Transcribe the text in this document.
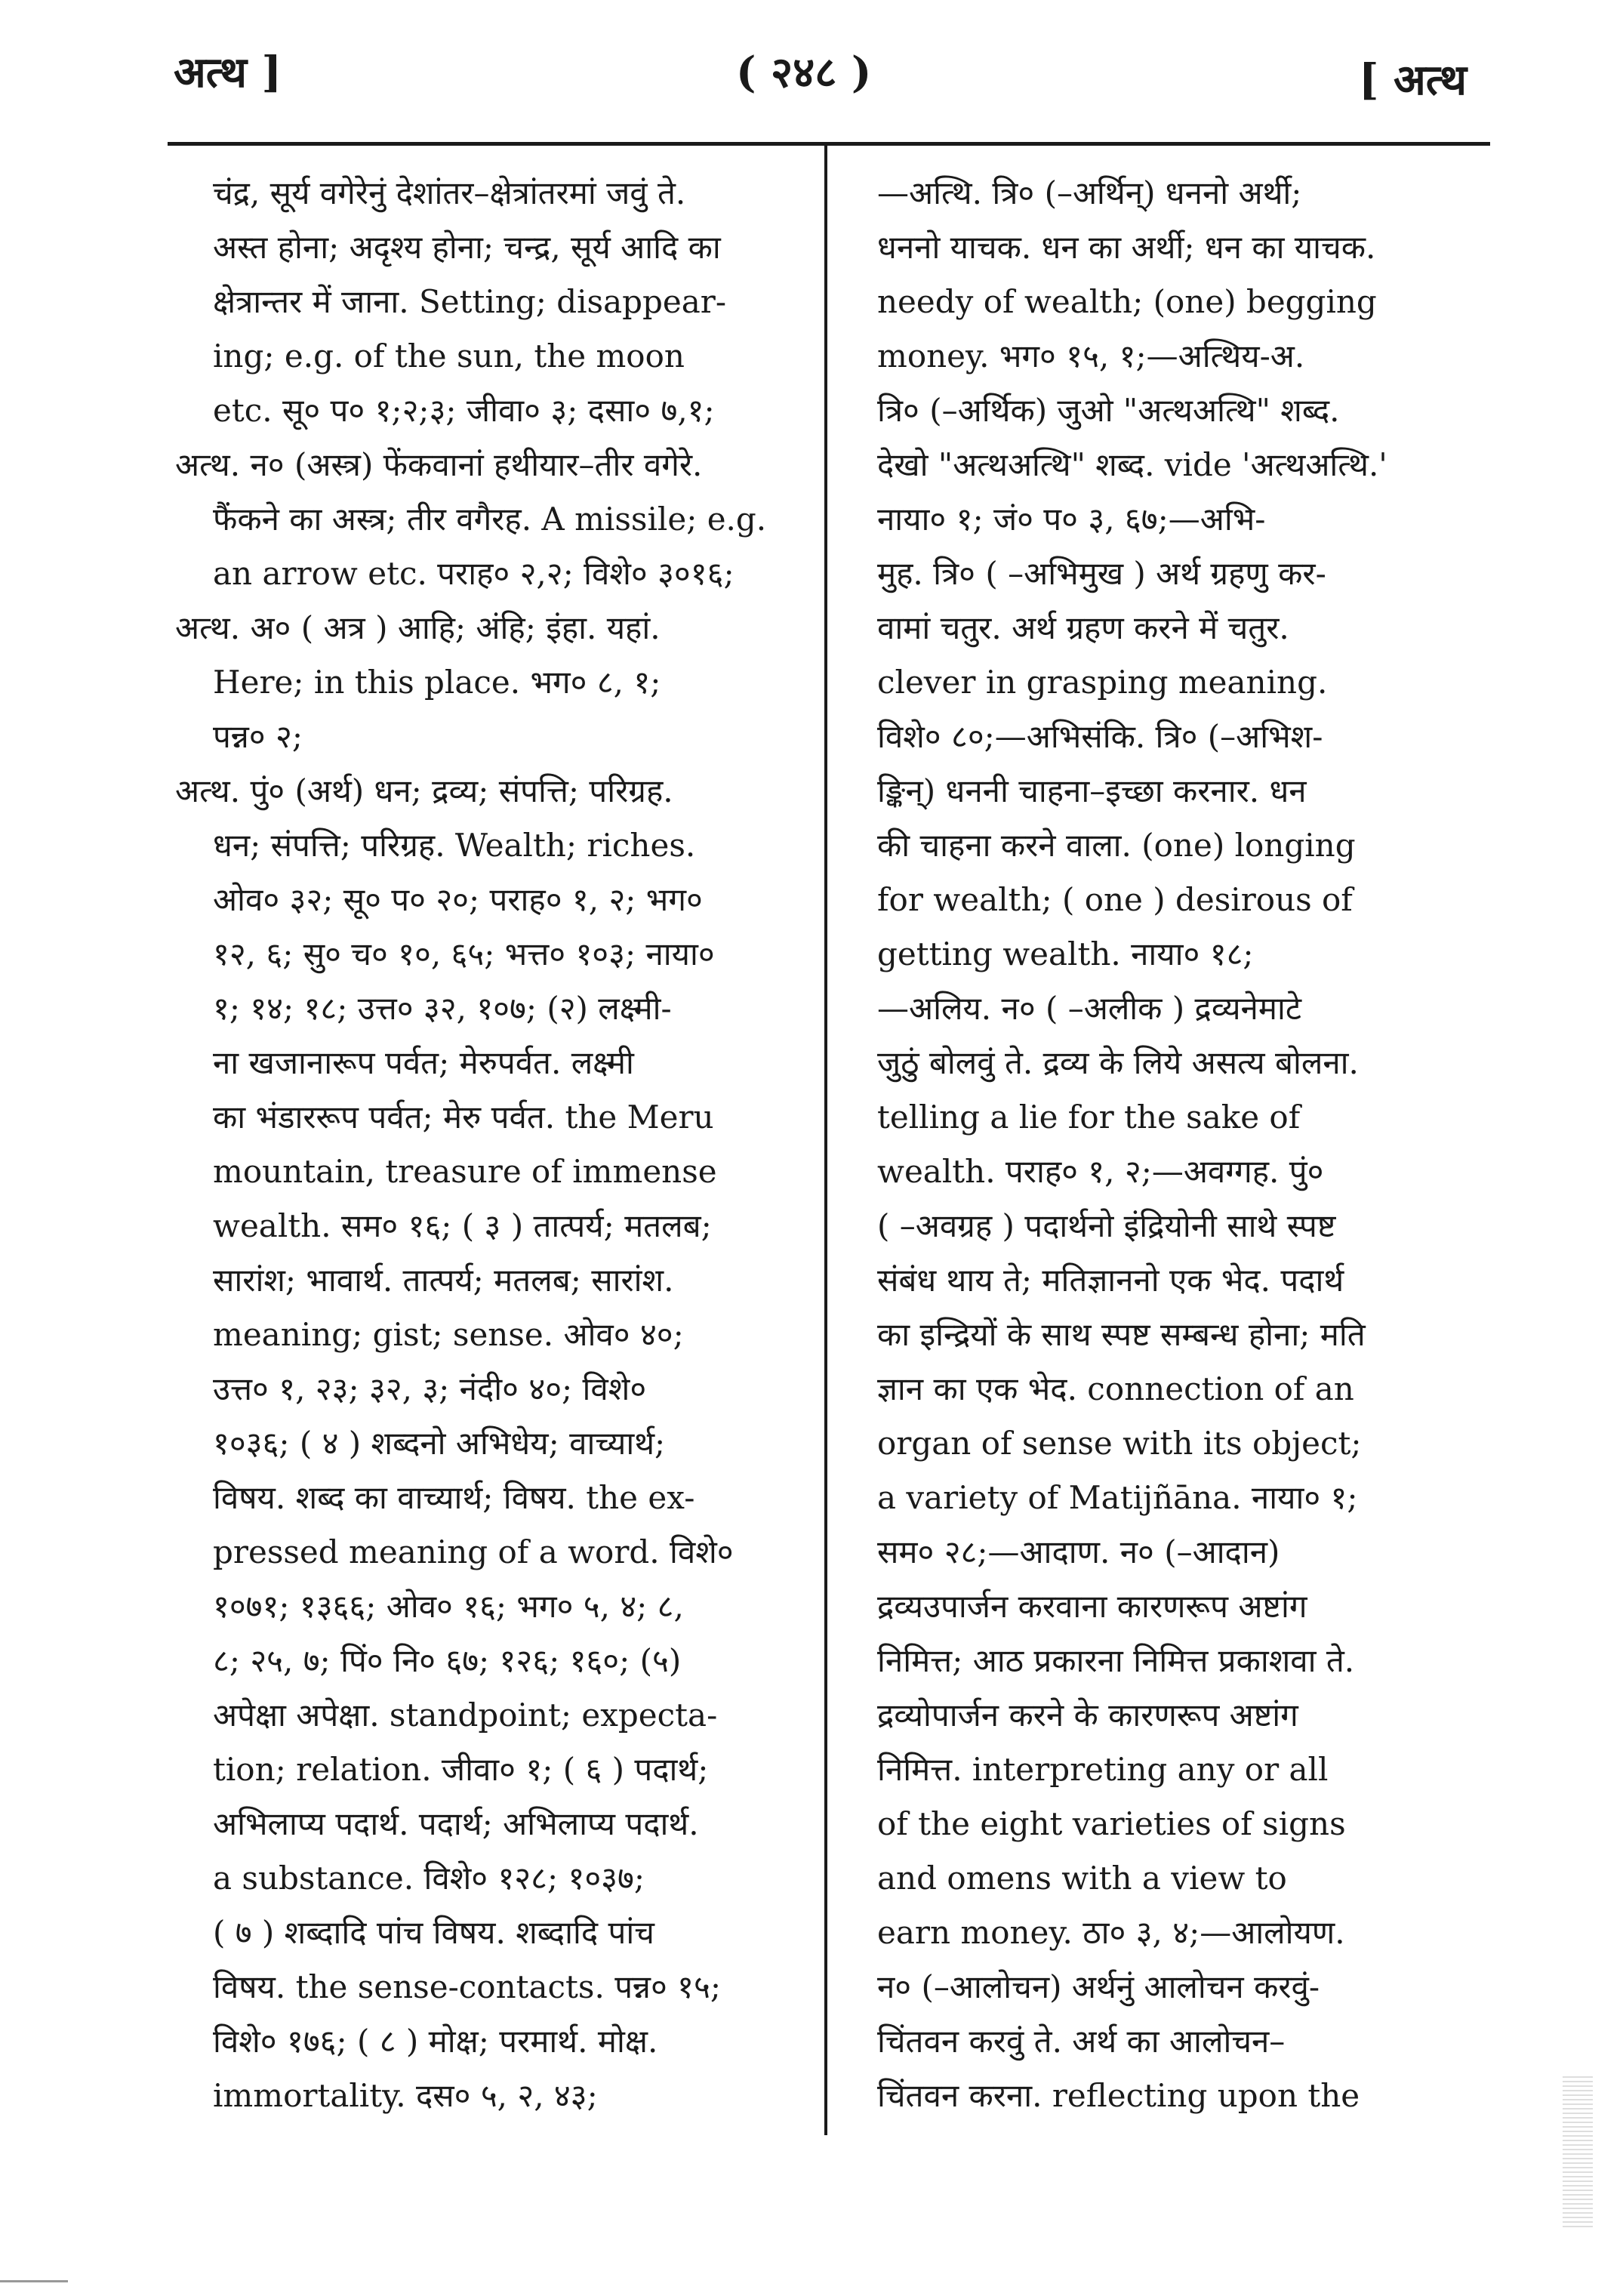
अत्थ ]	( २४८ )	[ अत्थ
चंद्र, सूर्य वगेरेनुं देशांतर–क्षेत्रांतरमां जवुं ते.
अस्त होना; अदृश्य होना; चन्द्र, सूर्य आदि का
क्षेत्रान्तर में जाना. Setting; disappear-
ing; e.g. of the sun, the moon
etc. सू० प० १;२;३; जीवा० ३; दसा० ७,१;
अत्थ. न० (अस्त्र) फेंकवानां हथीयार–तीर वगेरे.
फैंकने का अस्त्र; तीर वगैरह. A missile; e.g.
an arrow etc. पराह० २,२; विशे० ३०१६;
अत्थ. अ० ( अत्र ) आहि; अंहि; इंहा. यहां.
Here; in this place. भग० ८, १;
पन्न० २;
अत्थ. पुं० (अर्थ) धन; द्रव्य; संपत्ति; परिग्रह.
धन; संपत्ति; परिग्रह. Wealth; riches.
ओव० ३२; सू० प० २०; पराह० १, २; भग०
१२, ६; सु० च० १०, ६५; भत्त० १०३; नाया०
१; १४; १८; उत्त० ३२, १०७; (२) लक्ष्मी-
ना खजानारूप पर्वत; मेरुपर्वत. लक्ष्मी
का भंडाररूप पर्वत; मेरु पर्वत. the Meru
mountain, treasure of immense
wealth. सम० १६; ( ३ ) तात्पर्य; मतलब;
सारांश; भावार्थ. तात्पर्य; मतलब; सारांश.
meaning; gist; sense. ओव० ४०;
उत्त० १, २३; ३२, ३; नंदी० ४०; विशे०
१०३६; ( ४ ) शब्दनो अभिधेय; वाच्यार्थ;
विषय. शब्द का वाच्यार्थ; विषय. the ex-
pressed meaning of a word. विशे०
१०७१; १३६६; ओव० १६; भग० ५, ४; ८,
८; २५, ७; पिं० नि० ६७; १२६; १६०; (५)
अपेक्षा अपेक्षा. standpoint; expecta-
tion; relation. जीवा० १; ( ६ ) पदार्थ;
अभिलाप्य पदार्थ. पदार्थ; अभिलाप्य पदार्थ.
a substance. विशे० १२८; १०३७;
( ७ ) शब्दादि पांच विषय. शब्दादि पांच
विषय. the sense-contacts. पन्न० १५;
विशे० १७६; ( ८ ) मोक्ष; परमार्थ. मोक्ष.
immortality. दस० ५, २, ४३;
—अत्थि. त्रि० (–अर्थिन्) धननो अर्थी;
धननो याचक. धन का अर्थी; धन का याचक.
needy of wealth; (one) begging
money. भग० १५, १;—अत्थिय-अ.
त्रि० (–अर्थिक) जुओ "अत्थअत्थि" शब्द.
देखो "अत्थअत्थि" शब्द. vide 'अत्थअत्थि.'
नाया० १; जं० प० ३, ६७;—अभि-
मुह. त्रि० ( –अभिमुख ) अर्थ ग्रहणु कर-
वामां चतुर. अर्थ ग्रहण करने में चतुर.
clever in grasping meaning.
विशे० ८०;—अभिसंकि. त्रि० (–अभिश-
ङ्किन्) धननी चाहना–इच्छा करनार. धन
की चाहना करने वाला. (one) longing
for wealth; ( one ) desirous of
getting wealth. नाया० १८;
—अलिय. न० ( –अलीक ) द्रव्यनेमाटे
जुठुं बोलवुं ते. द्रव्य के लिये असत्य बोलना.
telling a lie for the sake of
wealth. पराह० १, २;—अवग्गह. पुं०
( –अवग्रह ) पदार्थनो इंद्रियोनी साथे स्पष्ट
संबंध थाय ते; मतिज्ञाननो एक भेद. पदार्थ
का इन्द्रियों के साथ स्पष्ट सम्बन्ध होना; मति
ज्ञान का एक भेद. connection of an
organ of sense with its object;
a variety of Matijñāna. नाया० १;
सम० २८;—आदाण. न० (–आदान)
द्रव्यउपार्जन करवाना कारणरूप अष्टांग
निमित्त; आठ प्रकारना निमित्त प्रकाशवा ते.
द्रव्योपार्जन करने के कारणरूप अष्टांग
निमित्त. interpreting any or all
of the eight varieties of signs
and omens with a view to
earn money. ठा० ३, ४;—आलोयण.
न० (–आलोचन) अर्थनुं आलोचन करवुं-
चिंतवन करवुं ते. अर्थ का आलोचन–
चिंतवन करना. reflecting upon the
